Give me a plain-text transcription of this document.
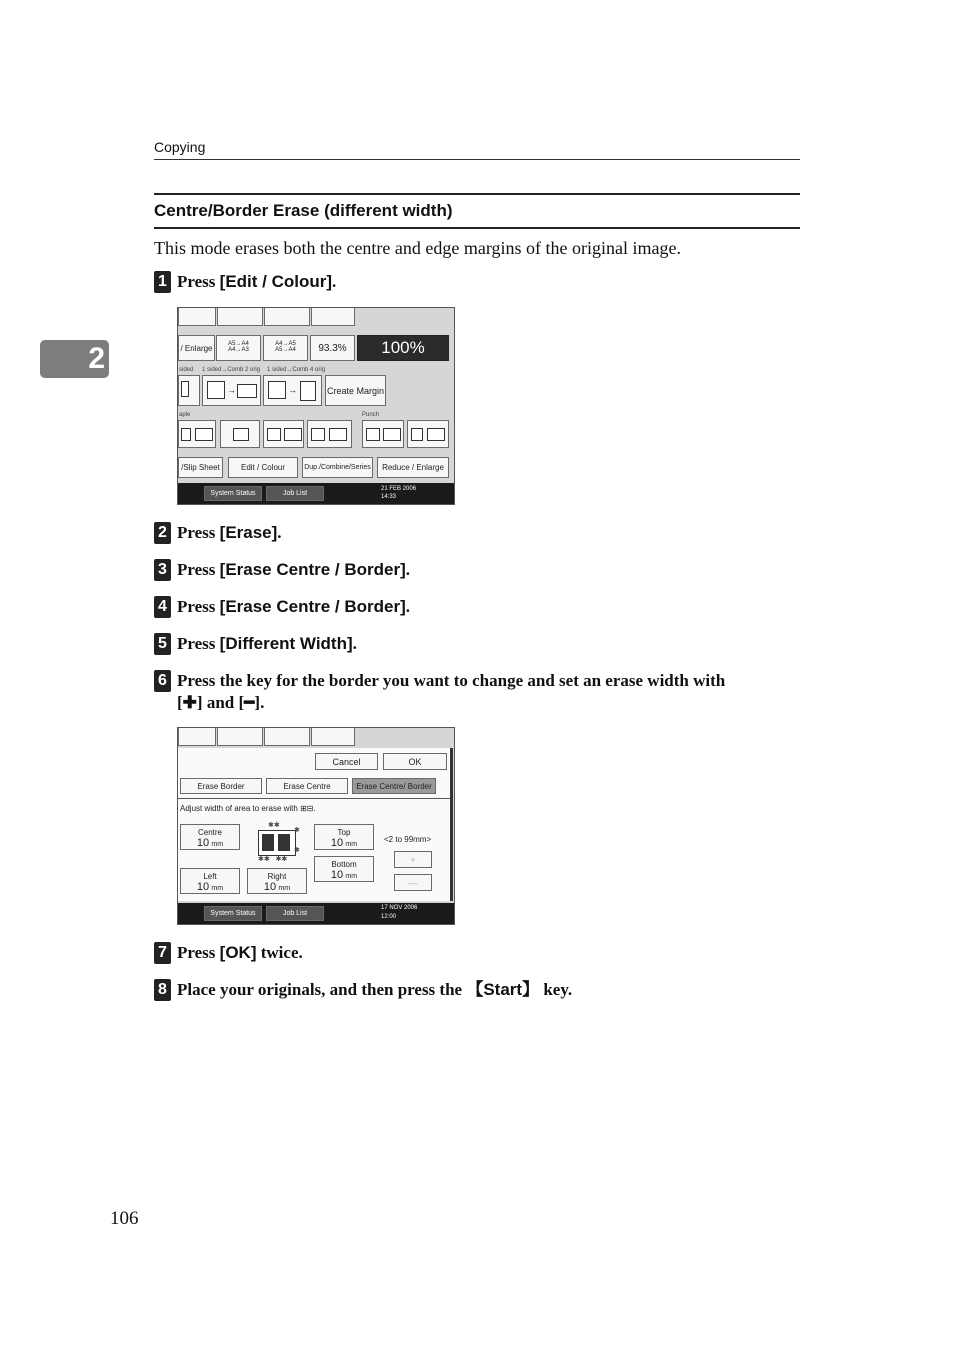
Copying
2
Centre/Border Erase (different width)
This mode erases both the centre and edge margins of the original image.
1 Press [Edit / Colour].
/ Enlarge	A5→A4
A4→A3
A4→A5
A5→A4	93.3%	100%
sided 1 sided→Comb 2 orig 1 sided→Comb 4 orig
→	→	Create Margin
aple	Punch
/Slip Sheet	Edit / Colour	Dup./Combine/Series	Reduce / Enlarge
System Status	Job List
21 FEB 2006
14:33
2 Press [Erase].
3 Press [Erase Centre / Border].
4 Press [Erase Centre / Border].
5 Press [Different Width].
6 Press the key for the border you want to change and set an erase width with
[✚] and [━].
Cancel	OK
Erase Border	Erase Centre	Erase Centre/ Border
Adjust width of area to erase with ⊞⊟.
Centre
10 mm
✱✱
✱
✱
✱✱   ✱✱
Top
10 mm
<2 to 99mm>
+
Bottom
10 mm
—
Left
10 mm
Right
10 mm
System Status	Job List
17 NOV 2006
12:00
7 Press [OK] twice.
8 Place your originals, and then press the 【Start】 key.
106
